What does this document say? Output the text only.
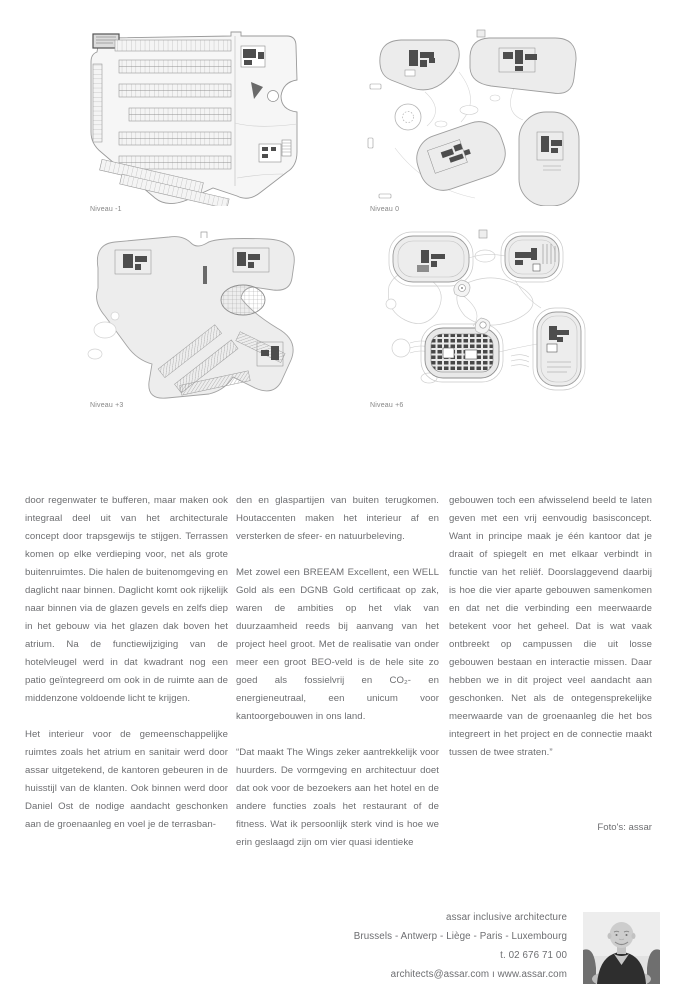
Niveau -1	Niveau 0
Niveau +3	Niveau +6

door regenwater te bufferen, maar maken ook integraal deel uit van het architecturale concept door trapsgewijs te stijgen. Terrassen komen op elke verdieping voor, net als grote buitenruimtes. Die halen de buitenomgeving en daglicht naar binnen. Daglicht komt ook rijkelijk naar binnen via de glazen gevels en zelfs diep in het gebouw via het glazen dak boven het atrium. Na de functiewijziging van de hotelvleugel werd in dat kwadrant nog een patio geïntegreerd om ook in de ruimte aan de middenzone voldoende licht te krijgen.

Het interieur voor de gemeenschappelijke ruimtes zoals het atrium en sanitair werd door assar uitgetekend, de kantoren gebeuren in de huisstijl van de klanten. Ook binnen werd door Daniel Ost de nodige aandacht geschonken aan de groenaanleg en voel je de terrasban-

den en glaspartijen van buiten terugkomen. Houtaccenten maken het interieur af en versterken de sfeer- en natuurbeleving.

Met zowel een BREEAM Excellent, een WELL Gold als een DGNB Gold certificaat op zak, waren de ambities op het vlak van duurzaamheid reeds bij aanvang van het project heel groot. Met de realisatie van onder meer een groot BEO-veld is de hele site zo goed als fossielvrij en CO₂- en energieneutraal, een unicum voor kantoorgebouwen in ons land.

“Dat maakt The Wings zeker aantrekkelijk voor huurders. De vormgeving en architectuur doet dat ook voor de bezoekers aan het hotel en de andere functies zoals het restaurant of de fitness. Wat ik persoonlijk sterk vind is hoe we erin geslaagd zijn om vier quasi identieke

gebouwen toch een afwisselend beeld te laten geven met een vrij eenvoudig basisconcept. Want in principe maak je één kantoor dat je draait of spiegelt en met elkaar verbindt in functie van het reliëf. Doorslaggevend daarbij is hoe die vier aparte gebouwen samenkomen en dat net die verbinding een meerwaarde betekent voor het geheel. Dat is wat vaak ontbreekt op campussen die uit losse gebouwen bestaan en interactie missen. Daar hebben we in dit project veel aandacht aan geschonken. Net als de ontegensprekelijke meerwaarde van de groenaanleg die het bos integreert in het project en de connectie maakt tussen de twee straten.”

Foto's: assar
assar inclusive architecture
Brussels - Antwerp - Liège - Paris - Luxembourg
t. 02 676 71 00
architects@assar.com ı www.assar.com
